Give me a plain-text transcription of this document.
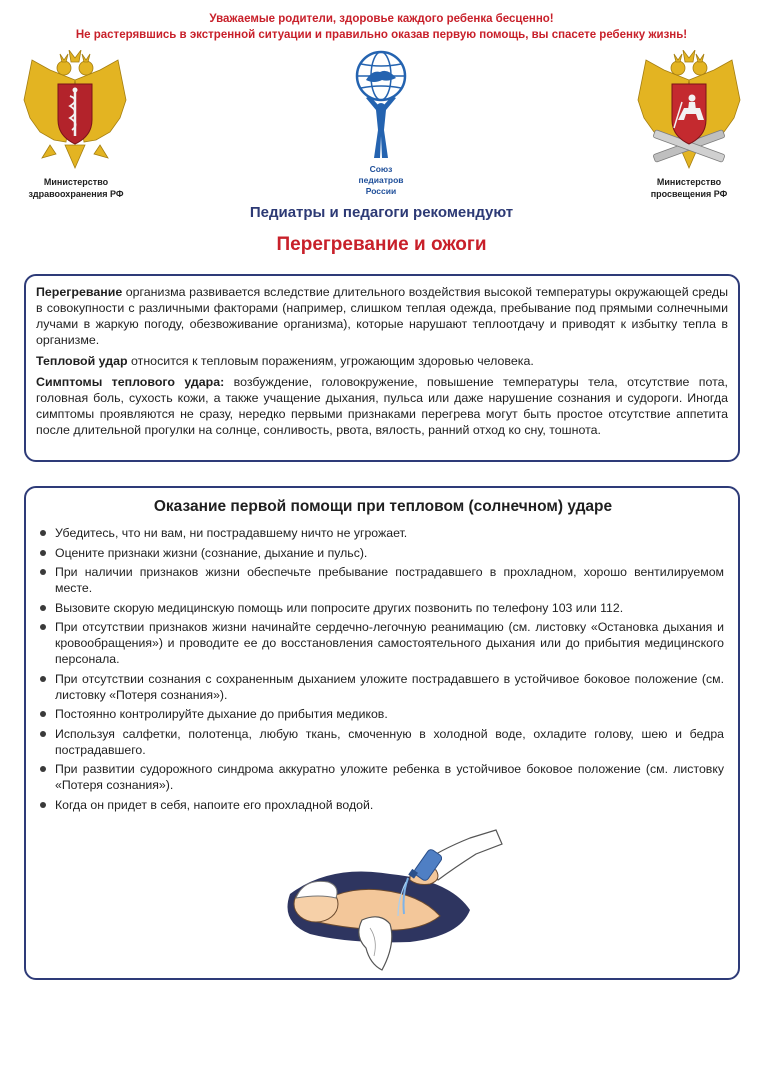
Уважаемые родители, здоровье каждого ребенка бесценно!
Не растерявшись в экстренной ситуации и правильно оказав первую помощь, вы спасете ребенку жизнь!
Министерство
здравоохранения РФ
Союз
педиатров
России
Министерство
просвещения РФ
Педиатры и педагоги рекомендуют
Перегревание и ожоги

Перегревание организма развивается вследствие длительного воздействия высокой температуры окружающей среды в совокупности с различными факторами (например, слишком теплая одежда, пребывание под прямыми солнечными лучами в жаркую погоду, обезвоживание организма), которые нарушают теплоотдачу и приводят к избытку тепла в организме.

Тепловой удар относится к тепловым поражениям, угрожающим здоровью человека.

Симптомы теплового удара: возбуждение, головокружение, повышение температуры тела, отсутствие пота, головная боль, сухость кожи, а также учащение дыхания, пульса или даже нарушение сознания и судороги. Иногда симптомы проявляются не сразу, нередко первыми признаками перегрева могут быть простое отсутствие аппетита после длительной прогулки на солнце, сонливость, рвота, вялость, ранний отход ко сну, тошнота.

Оказание первой помощи при тепловом (солнечном) ударе
Убедитесь, что ни вам, ни пострадавшему ничто не угрожает.
Оцените признаки жизни (сознание, дыхание и пульс).
При наличии признаков жизни обеспечьте пребывание пострадавшего в прохладном, хорошо вентилируемом месте.
Вызовите скорую медицинскую помощь или попросите других позвонить по телефону 103 или 112.
При отсутствии признаков жизни начинайте сердечно-легочную реанимацию (см. листовку «Остановка дыхания и кровообращения») и проводите ее до восстановления самостоятельного дыхания или до прибытия медицинского персонала.
При отсутствии сознания с сохраненным дыханием уложите пострадавшего в устойчивое боковое положение (см. листовку «Потеря сознания»).
Постоянно контролируйте дыхание до прибытия медиков.
Используя салфетки, полотенца, любую ткань, смоченную в холодной воде, охладите голову, шею и бедра пострадавшего.
При развитии судорожного синдрома аккуратно уложите ребенка в устойчивое боковое положение (см. листовку «Потеря сознания»).
Когда он придет в себя, напоите его прохладной водой.
